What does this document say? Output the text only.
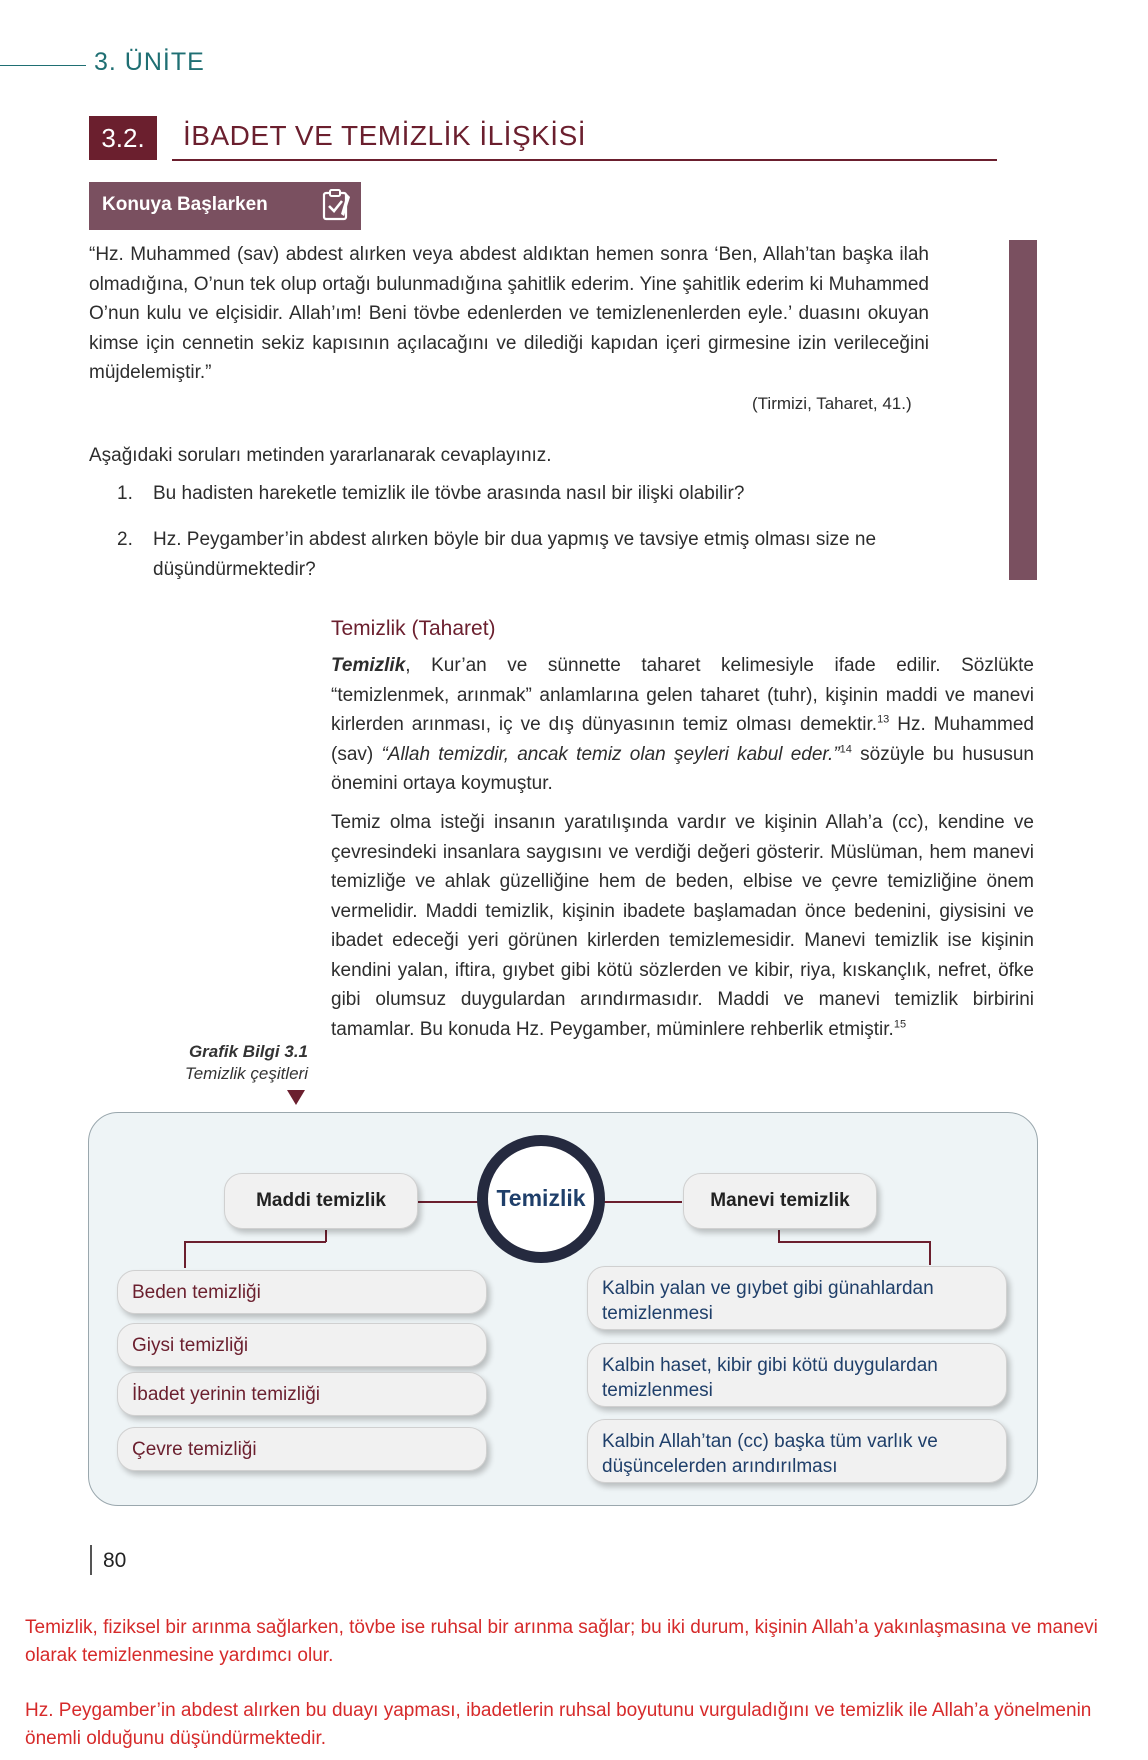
3. ÜNİTE
3.2.	İBADET VE TEMİZLİK İLİŞKİSİ
Konuya Başlarken
“Hz. Muhammed (sav) abdest alırken veya abdest aldıktan hemen sonra ‘Ben, Allah’tan başka ilah olmadığına, O’nun tek olup ortağı bulunmadığına şahitlik ederim. Yine şahitlik ederim ki Muhammed O’nun kulu ve elçisidir. Allah’ım! Beni tövbe edenlerden ve temizlenenlerden eyle.’ duasını okuyan kimse için cennetin sekiz kapısının açılacağını ve dilediği kapıdan içeri girmesine izin verileceğini müjdelemiştir.”
(Tirmizi, Taharet, 41.)
Aşağıdaki soruları metinden yararlanarak cevaplayınız.
1. Bu hadisten hareketle temizlik ile tövbe arasında nasıl bir ilişki olabilir?
2. Hz. Peygamber’in abdest alırken böyle bir dua yapmış ve tavsiye etmiş olması size ne düşündürmektedir?
Temizlik (Taharet)
Temizlik, Kur’an ve sünnette taharet kelimesiyle ifade edilir. Sözlükte “temizlenmek, arınmak” anlamlarına gelen taharet (tuhr), kişinin maddi ve manevi kirlerden arınması, iç ve dış dünyasının temiz olması demektir.$^{13}$ Hz. Muhammed (sav) “Allah temizdir, ancak temiz olan şeyleri kabul eder.”$^{14}$ sözüyle bu hususun önemini ortaya koymuştur.
Temiz olma isteği insanın yaratılışında vardır ve kişinin Allah’a (cc), kendine ve çevresindeki insanlara saygısını ve verdiği değeri gösterir. Müslüman, hem manevi temizliğe ve ahlak güzelliğine hem de beden, elbise ve çevre temizliğine önem vermelidir. Maddi temizlik, kişinin ibadete başlamadan önce bedenini, giysisini ve ibadet edeceği yeri görünen kirlerden temizlemesidir. Manevi temizlik ise kişinin kendini yalan, iftira, gıybet gibi kötü sözlerden ve kibir, riya, kıskançlık, nefret, öfke gibi olumsuz duygulardan arındırmasıdır. Maddi ve manevi temizlik birbirini tamamlar. Bu konuda Hz. Peygamber, müminlere rehberlik etmiştir.$^{15}$
Grafik Bilgi 3.1
Temizlik çeşitleri
Temizlik
Maddi temizlik	Manevi temizlik
Beden temizliği
Giysi temizliği
İbadet yerinin temizliği
Çevre temizliği
Kalbin yalan ve gıybet gibi günahlardan temizlenmesi
Kalbin haset, kibir gibi kötü duygulardan temizlenmesi
Kalbin Allah’tan (cc) başka tüm varlık ve düşüncelerden arındırılması
80
Temizlik, fiziksel bir arınma sağlarken, tövbe ise ruhsal bir arınma sağlar; bu iki durum, kişinin Allah’a yakınlaşmasına ve manevi olarak temizlenmesine yardımcı olur.
Hz. Peygamber’in abdest alırken bu duayı yapması, ibadetlerin ruhsal boyutunu vurguladığını ve temizlik ile Allah’a yönelmenin önemli olduğunu düşündürmektedir.
